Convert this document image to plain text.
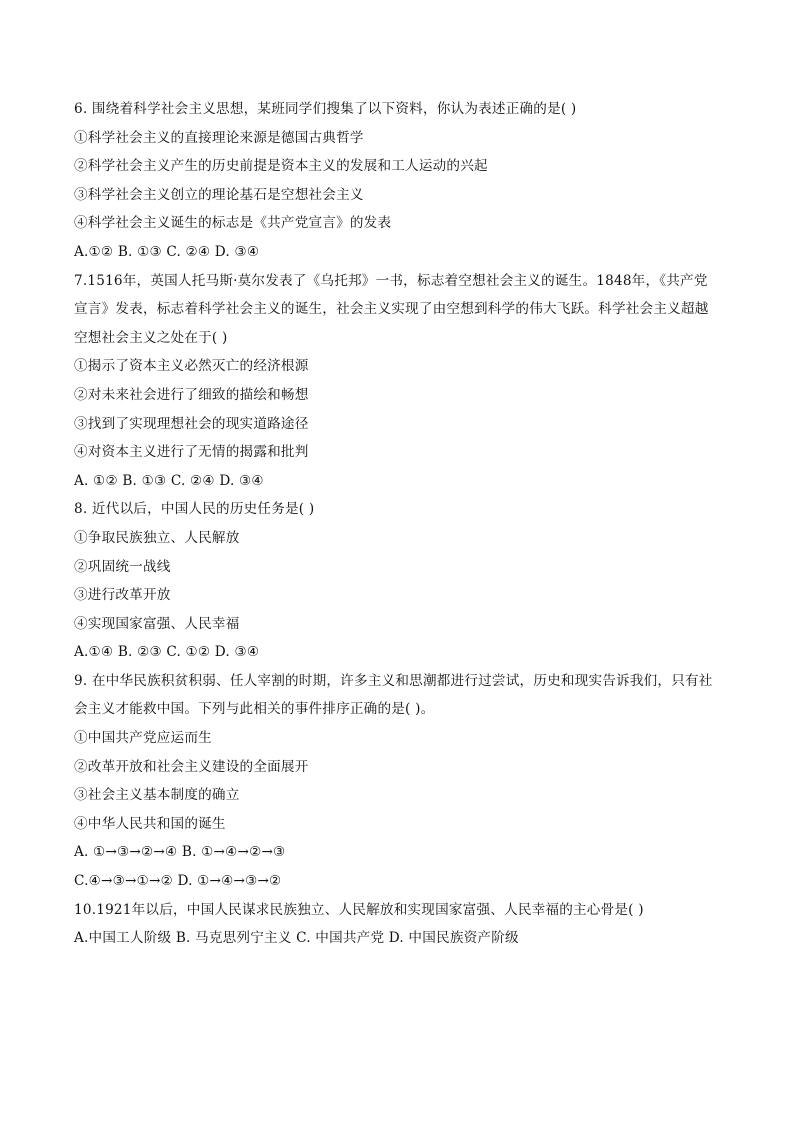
6. 围绕着科学社会主义思想，某班同学们搜集了以下资料，你认为表述正确的是( )
①科学社会主义的直接理论来源是德国古典哲学
②科学社会主义产生的历史前提是资本主义的发展和工人运动的兴起
③科学社会主义创立的理论基石是空想社会主义
④科学社会主义诞生的标志是《共产党宣言》的发表
A.①② B. ①③ C. ②④ D. ③④
7.1516年，英国人托马斯·莫尔发表了《乌托邦》一书，标志着空想社会主义的诞生。1848年，《共产党宣言》发表，标志着科学社会主义的诞生，社会主义实现了由空想到科学的伟大飞跃。科学社会主义超越空想社会主义之处在于( )
①揭示了资本主义必然灭亡的经济根源
②对未来社会进行了细致的描绘和畅想
③找到了实现理想社会的现实道路途径
④对资本主义进行了无情的揭露和批判
A. ①② B. ①③ C. ②④ D. ③④
8. 近代以后，中国人民的历史任务是( )
①争取民族独立、人民解放
②巩固统一战线
③进行改革开放
④实现国家富强、人民幸福
A.①④ B. ②③ C. ①② D. ③④
9. 在中华民族积贫积弱、任人宰割的时期，许多主义和思潮都进行过尝试，历史和现实告诉我们，只有社会主义才能救中国。下列与此相关的事件排序正确的是( )。
①中国共产党应运而生
②改革开放和社会主义建设的全面展开
③社会主义基本制度的确立
④中华人民共和国的诞生
A. ①→③→②→④ B. ①→④→②→③
C.④→③→①→② D. ①→④→③→②
10.1921年以后，中国人民谋求民族独立、人民解放和实现国家富强、人民幸福的主心骨是( )
A.中国工人阶级 B. 马克思列宁主义 C. 中国共产党 D. 中国民族资产阶级
